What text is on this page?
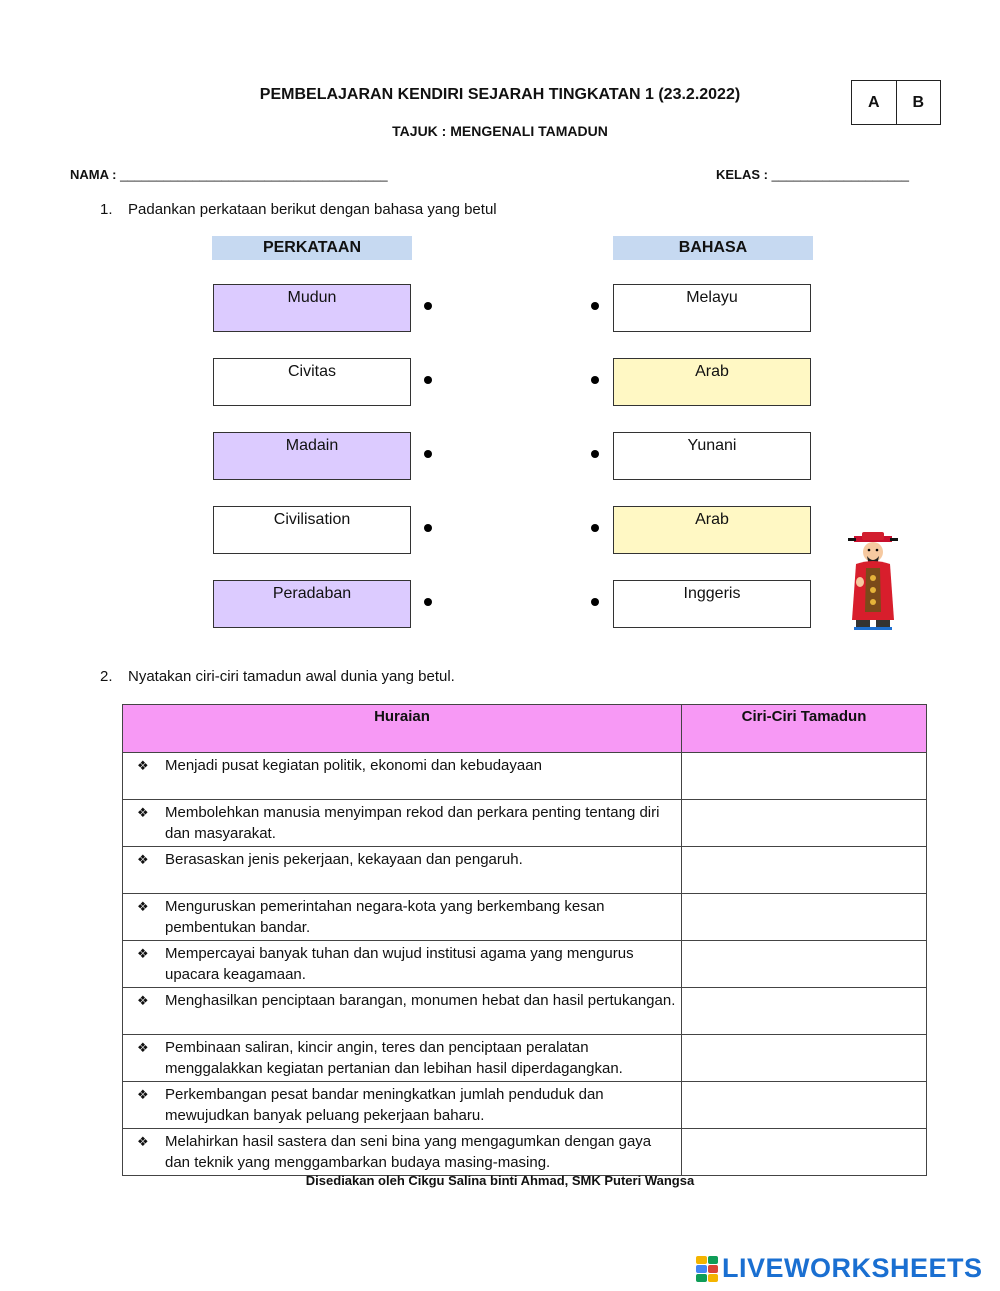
PEMBELAJARAN KENDIRI SEJARAH TINGKATAN 1 (23.2.2022)
TAJUK : MENGENALI TAMADUN
A	B
NAMA : _____________________________________	KELAS : ___________________
1. Padankan perkataan berikut dengan bahasa yang betul
PERKATAAN	BAHASA
Mudun
Civitas
Madain
Civilisation
Peradaban
Melayu
Arab
Yunani
Arab
Inggeris
2. Nyatakan ciri-ciri tamadun awal dunia yang betul.
Huraian	Ciri-Ciri Tamadun

❖ Menjadi pusat kegiatan politik, ekonomi dan kebudayaan	

❖ Membolehkan manusia menyimpan rekod dan perkara penting tentang diri dan masyarakat.	

❖ Berasaskan jenis pekerjaan, kekayaan dan pengaruh.	

❖ Menguruskan pemerintahan negara-kota yang berkembang kesan pembentukan bandar.	

❖ Mempercayai banyak tuhan dan wujud institusi agama yang mengurus upacara keagamaan.	

❖ Menghasilkan penciptaan barangan, monumen hebat dan hasil pertukangan.	

❖ Pembinaan saliran, kincir angin, teres dan penciptaan peralatan menggalakkan kegiatan pertanian dan lebihan hasil diperdagangkan.	

❖ Perkembangan pesat bandar meningkatkan jumlah penduduk dan mewujudkan banyak peluang pekerjaan baharu.	

❖ Melahirkan hasil sastera dan seni bina yang mengagumkan dengan gaya dan teknik yang menggambarkan budaya masing-masing.	

Disediakan oleh Cikgu Salina binti Ahmad, SMK Puteri Wangsa
LIVEWORKSHEETS
